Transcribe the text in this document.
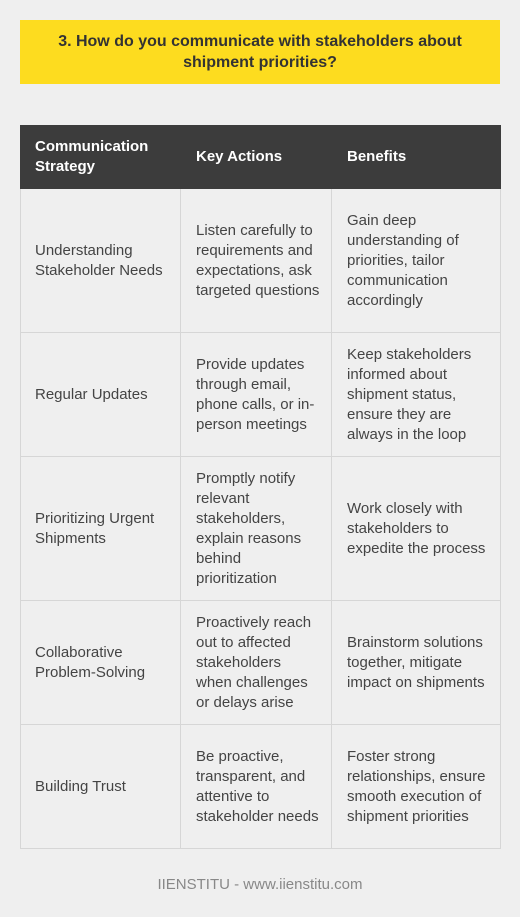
3. How do you communicate with stakeholders about shipment priorities?
Communication Strategy	Key Actions	Benefits
Understanding Stakeholder Needs	Listen carefully to requirements and expectations, ask targeted questions	Gain deep understanding of priorities, tailor communication accordingly
Regular Updates	Provide updates through email, phone calls, or in-person meetings	Keep stakeholders informed about shipment status, ensure they are always in the loop
Prioritizing Urgent Shipments	Promptly notify relevant stakeholders, explain reasons behind prioritization	Work closely with stakeholders to expedite the process
Collaborative Problem-Solving	Proactively reach out to affected stakeholders when challenges or delays arise	Brainstorm solutions together, mitigate impact on shipments
Building Trust	Be proactive, transparent, and attentive to stakeholder needs	Foster strong relationships, ensure smooth execution of shipment priorities
IIENSTITU - www.iienstitu.com
